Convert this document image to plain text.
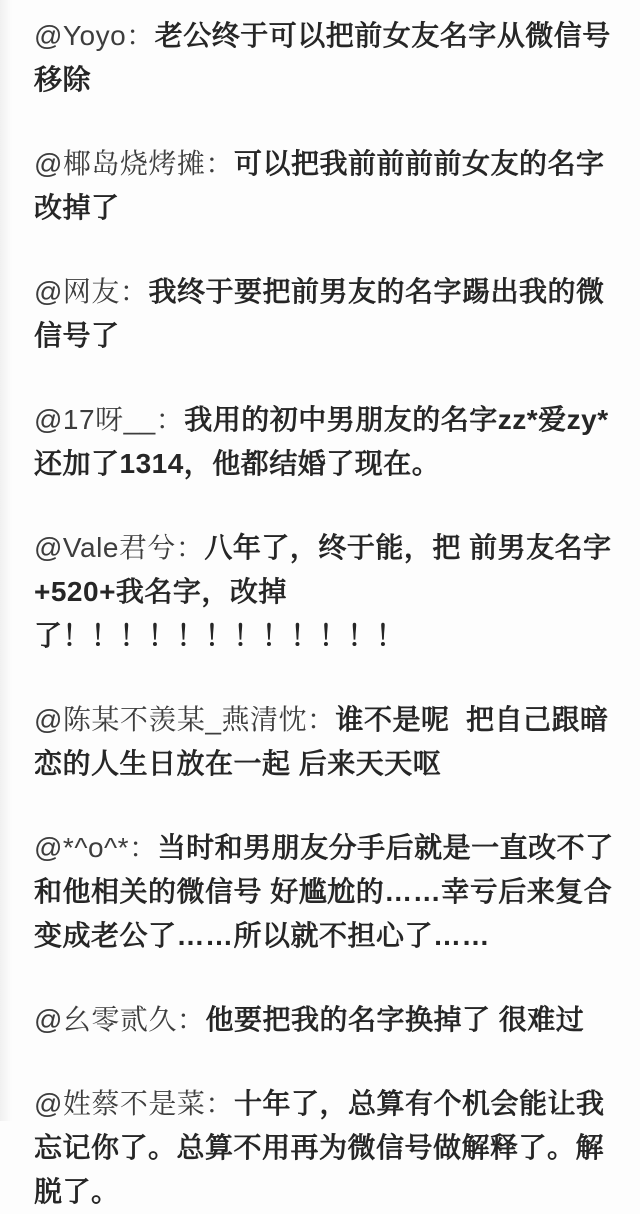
@Yoyo：老公终于可以把前女友名字从微信号移除

@椰岛烧烤摊：可以把我前前前前女友的名字改掉了

@网友：我终于要把前男友的名字踢出我的微信号了

@17呀__：我用的初中男朋友的名字zz*爱zy* 还加了1314，他都结婚了现在。

@Vale君兮：八年了，终于能，把 前男友名字+520+我名字，改掉了！！！！！！！！！！！！

@陈某不羡某_燕清忱：谁不是呢  把自己跟暗恋的人生日放在一起 后来天天呕

@*^o^*：当时和男朋友分手后就是一直改不了和他相关的微信号 好尴尬的……幸亏后来复合变成老公了……所以就不担心了……

@幺零贰久：他要把我的名字换掉了 很难过

@姓蔡不是菜：十年了，总算有个机会能让我忘记你了。总算不用再为微信号做解释了。解脱了。
